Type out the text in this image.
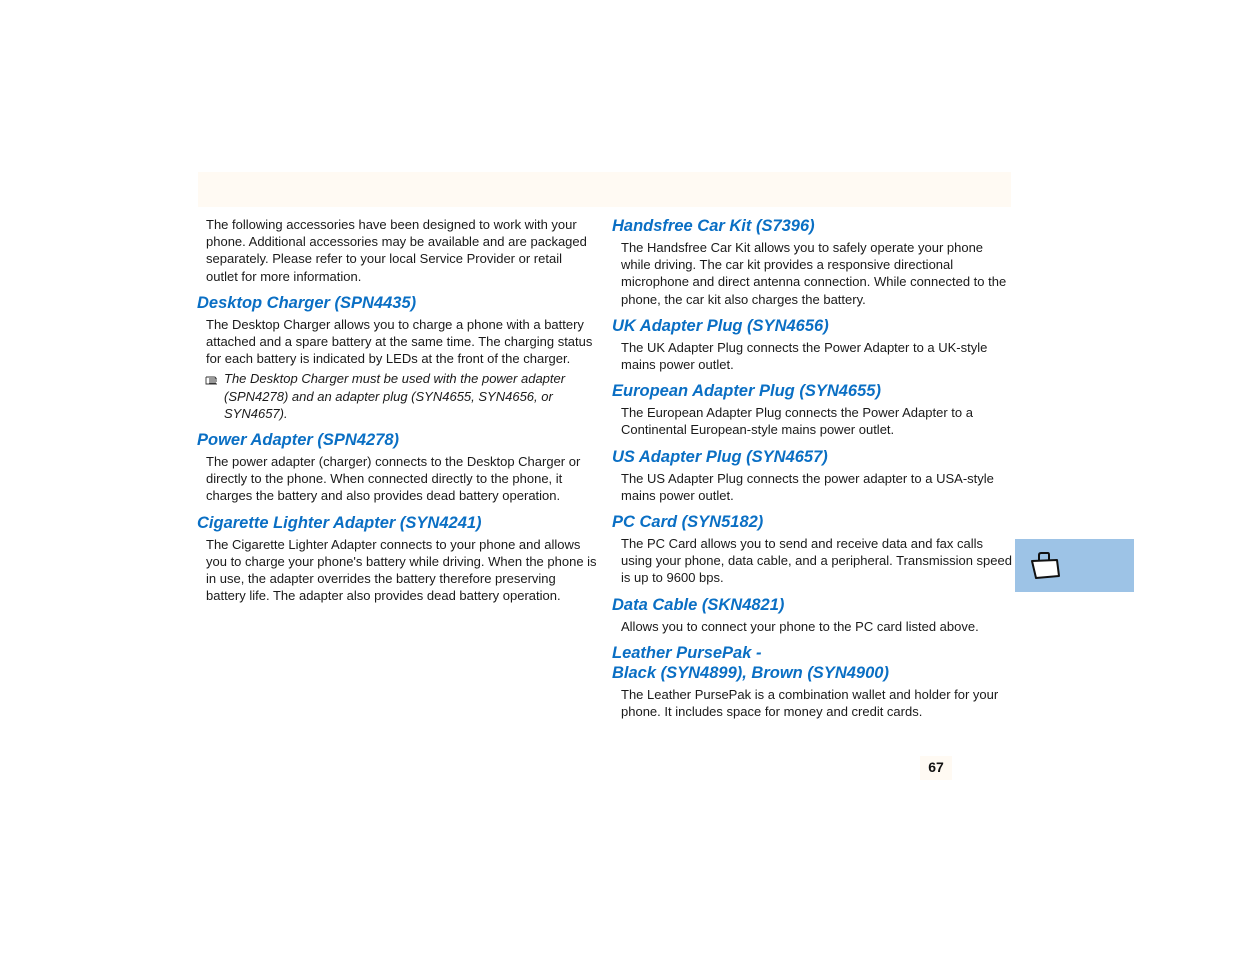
The following accessories have been designed to work with your phone. Additional accessories may be available and are packaged separately. Please refer to your local Service Provider or retail outlet for more information.

Desktop Charger (SPN4435)

The Desktop Charger allows you to charge a phone with a battery attached and a spare battery at the same time. The charging status for each battery is indicated by LEDs at the front of the charger.

The Desktop Charger must be used with the power adapter (SPN4278) and an adapter plug (SYN4655, SYN4656, or SYN4657).
Power Adapter (SPN4278)

The power adapter (charger) connects to the Desktop Charger or directly to the phone. When connected directly to the phone, it charges the battery and also provides dead battery operation.

Cigarette Lighter Adapter (SYN4241)

The Cigarette Lighter Adapter connects to your phone and allows you to charge your phone's battery while driving. When the phone is in use, the adapter overrides the battery therefore preserving battery life. The adapter also provides dead battery operation.

Handsfree Car Kit (S7396)

The Handsfree Car Kit allows you to safely operate your phone while driving. The car kit provides a responsive directional microphone and direct antenna connection. While connected to the phone, the car kit also charges the battery.

UK Adapter Plug (SYN4656)

The UK Adapter Plug connects the Power Adapter to a UK-style mains power outlet.

European Adapter Plug (SYN4655)

The European Adapter Plug connects the Power Adapter to a Continental European-style mains power outlet.

US Adapter Plug (SYN4657)

The US Adapter Plug connects the power adapter to a USA-style mains power outlet.

PC Card (SYN5182)

The PC Card allows you to send and receive data and fax calls using your phone, data cable, and a peripheral. Transmission speed is up to 9600 bps.

Data Cable (SKN4821)

Allows you to connect your phone to the PC card listed above.

Leather PursePak -
Black (SYN4899), Brown (SYN4900)

The Leather PursePak is a combination wallet and holder for your phone. It includes space for money and credit cards.

67
